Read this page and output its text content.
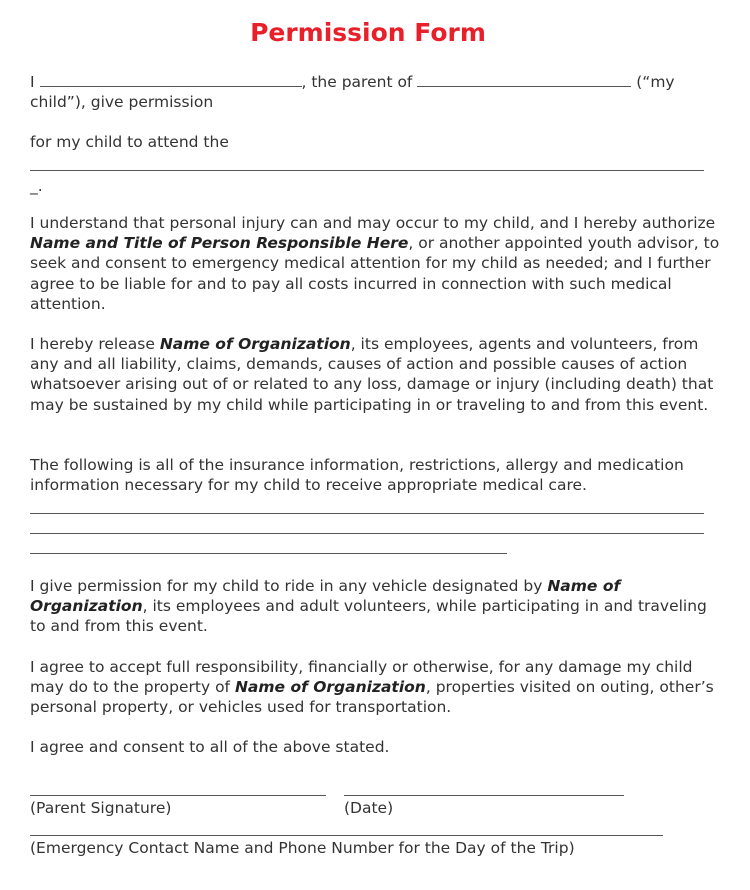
Permission Form
I	, the parent of	(“my
child”), give permission
for my child to attend the
_.
I understand that personal injury can and may occur to my child, and I hereby authorize Name and Title of Person Responsible Here, or another appointed youth advisor, to seek and consent to emergency medical attention for my child as needed; and I further agree to be liable for and to pay all costs incurred in connection with such medical attention.
I hereby release Name of Organization, its employees, agents and volunteers, from any and all liability, claims, demands, causes of action and possible causes of action whatsoever arising out of or related to any loss, damage or injury (including death) that may be sustained by my child while participating in or traveling to and from this event.
The following is all of the insurance information, restrictions, allergy and medication information necessary for my child to receive appropriate medical care.
I give permission for my child to ride in any vehicle designated by Name of Organization, its employees and adult volunteers, while participating in and traveling to and from this event.
I agree to accept full responsibility, financially or otherwise, for any damage my child may do to the property of Name of Organization, properties visited on outing, other’s personal property, or vehicles used for transportation.
I agree and consent to all of the above stated.
(Parent Signature)	(Date)
(Emergency Contact Name and Phone Number for the Day of the Trip)
